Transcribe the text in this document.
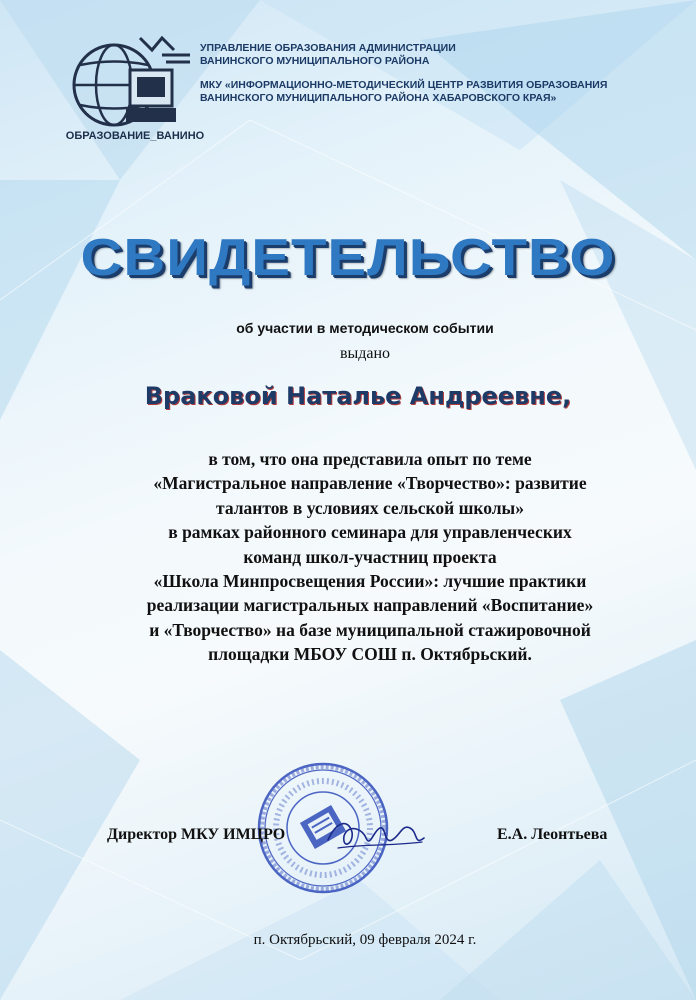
ОБРАЗОВАНИЕ_ВАНИНО
УПРАВЛЕНИЕ ОБРАЗОВАНИЯ АДМИНИСТРАЦИИ
ВАНИНСКОГО МУНИЦИПАЛЬНОГО РАЙОНА
МКУ «ИНФОРМАЦИОННО-МЕТОДИЧЕСКИЙ ЦЕНТР РАЗВИТИЯ ОБРАЗОВАНИЯ
ВАНИНСКОГО МУНИЦИПАЛЬНОГО РАЙОНА ХАБАРОВСКОГО КРАЯ»
СВИДЕТЕЛЬСТВО
об участии в методическом событии
выдано
Враковой Наталье Андреевне,
в том, что она представила опыт по теме
«Магистральное направление «Творчество»: развитие
талантов в условиях сельской школы»
в рамках районного семинара для управленческих
команд школ-участниц проекта
«Школа Минпросвещения России»: лучшие практики
реализации магистральных направлений «Воспитание»
и «Творчество» на базе муниципальной стажировочной
площадки МБОУ СОШ п. Октябрьский.
Директор МКУ ИМЦРО	Е.А. Леонтьева
п. Октябрьский, 09 февраля 2024 г.
